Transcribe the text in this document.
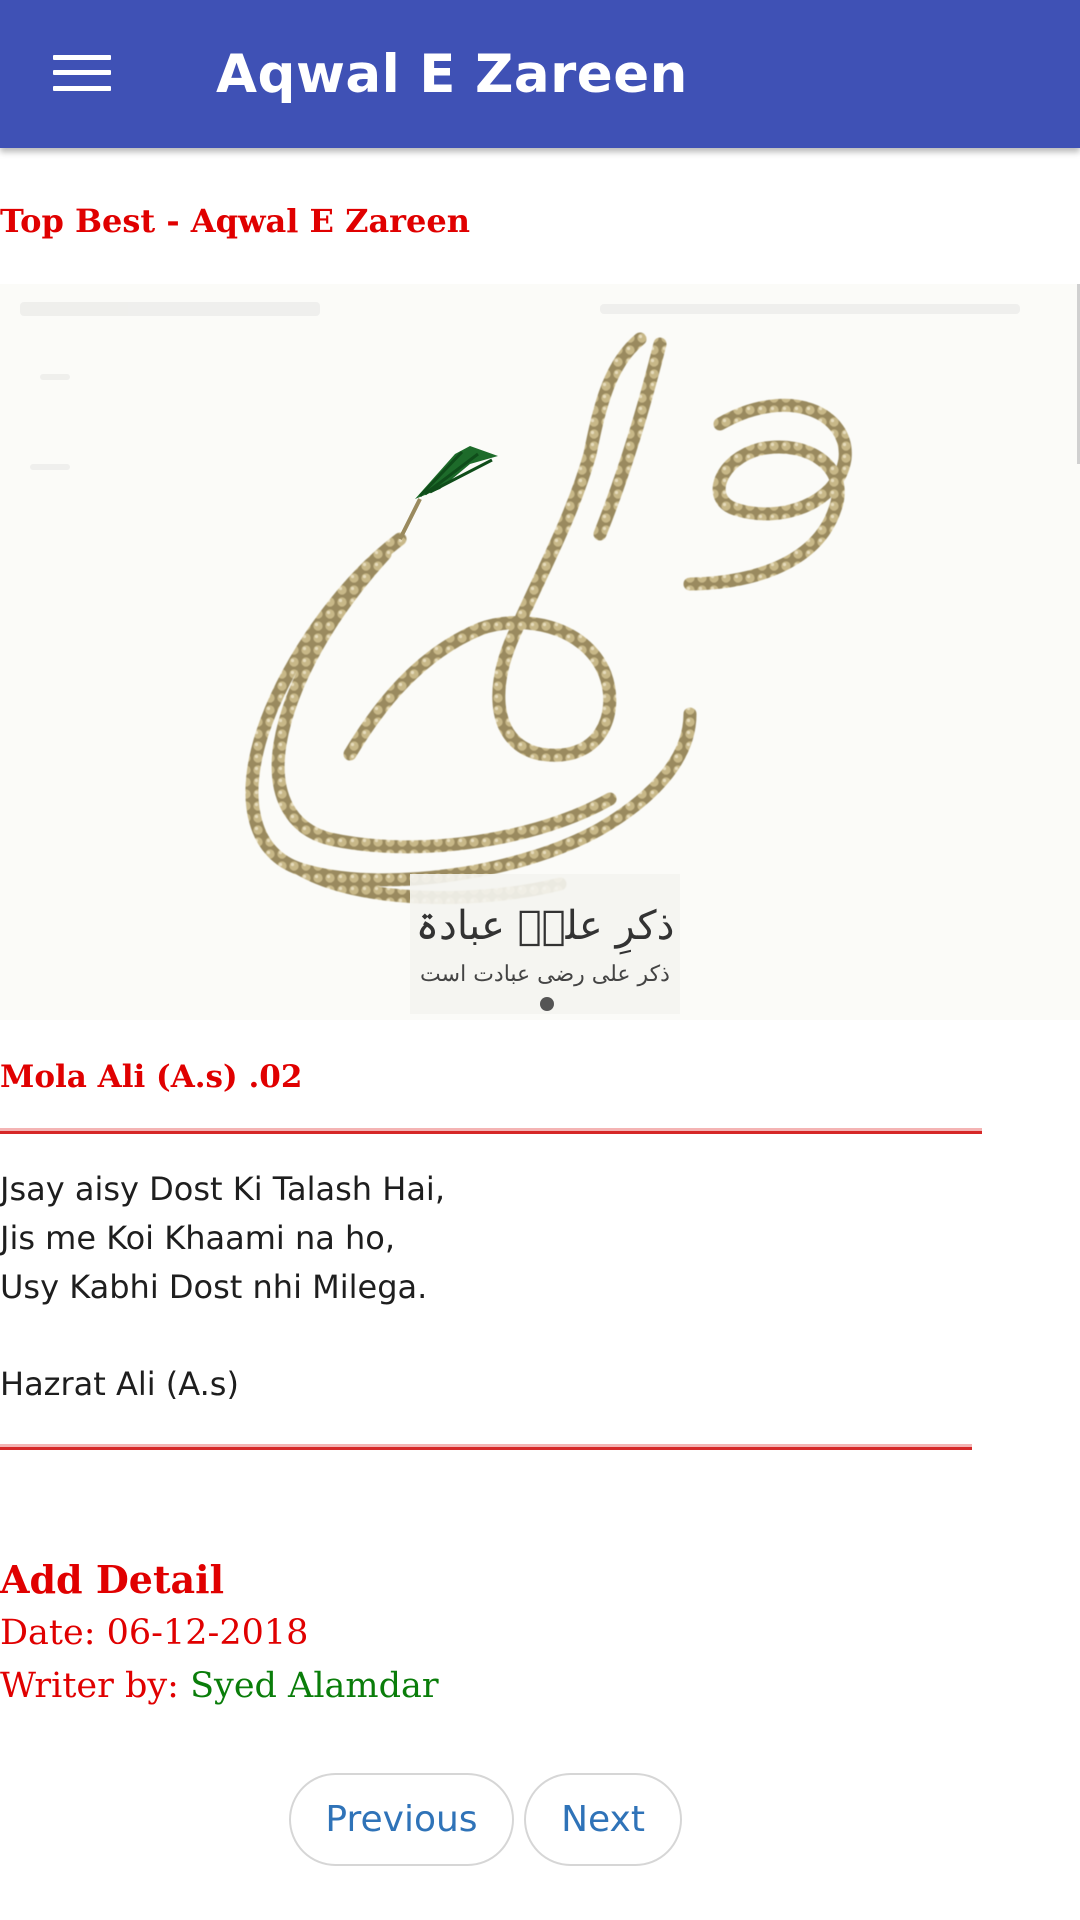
Aqwal E Zareen
Top Best - Aqwal E Zareen
ذکرِ علیؑ عبادۃ
ذکر علی رضی عبادت است
Mola Ali (A.s) .02
Jsay aisy Dost Ki Talash Hai,
Jis me Koi Khaami na ho,
Usy Kabhi Dost nhi Milega.
Hazrat Ali (A.s)
Add Detail
Date: 06-12-2018
Writer by: Syed Alamdar
Previous	Next
